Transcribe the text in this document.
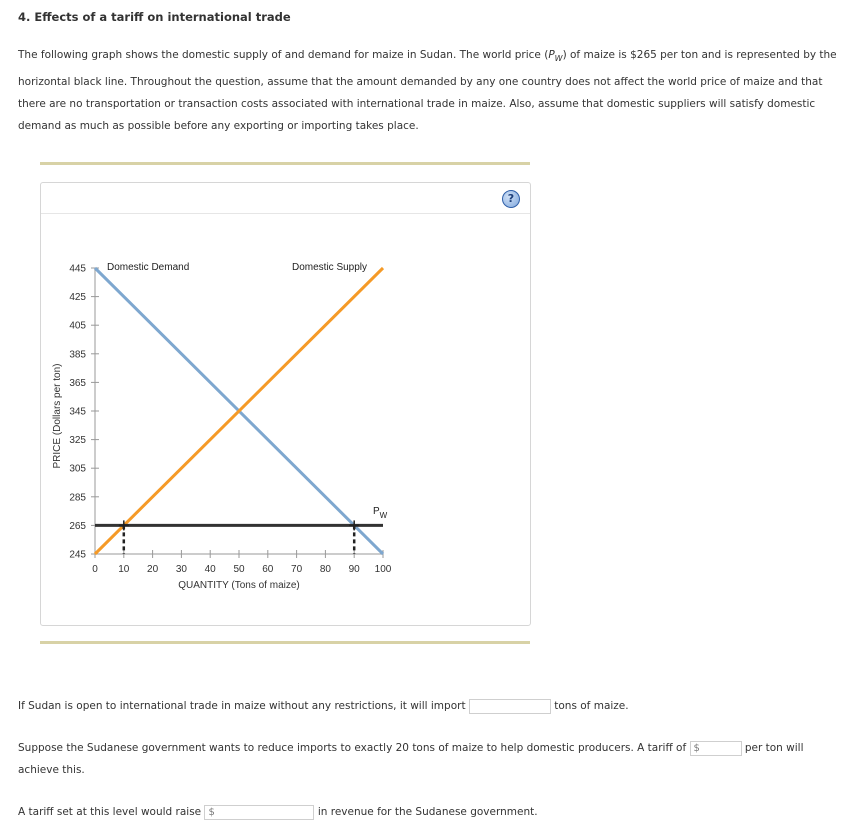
4. Effects of a tariff on international trade
The following graph shows the domestic supply of and demand for maize in Sudan. The world price $(P_W)$ of maize is $265 per ton and is represented by the horizontal black line. Throughout the question, assume that the amount demanded by any one country does not affect the world price of maize and that there are no transportation or transaction costs associated with international trade in maize. Also, assume that domestic suppliers will satisfy domestic demand as much as possible before any exporting or importing takes place.
?
245
265
285
305
325
345
365
385
405
425
445
0 10 20 30 40 50 60 70 80 90 100
QUANTITY (Tons of maize)
PRICE (Dollars per ton)
Domestic Demand	Domestic Supply
$P_W$
If Sudan is open to international trade in maize without any restrictions, it will import	tons of maize.
Suppose the Sudanese government wants to reduce imports to exactly 20 tons of maize to help domestic producers. A tariff of $	per ton will
achieve this.
A tariff set at this level would raise $	in revenue for the Sudanese government.
